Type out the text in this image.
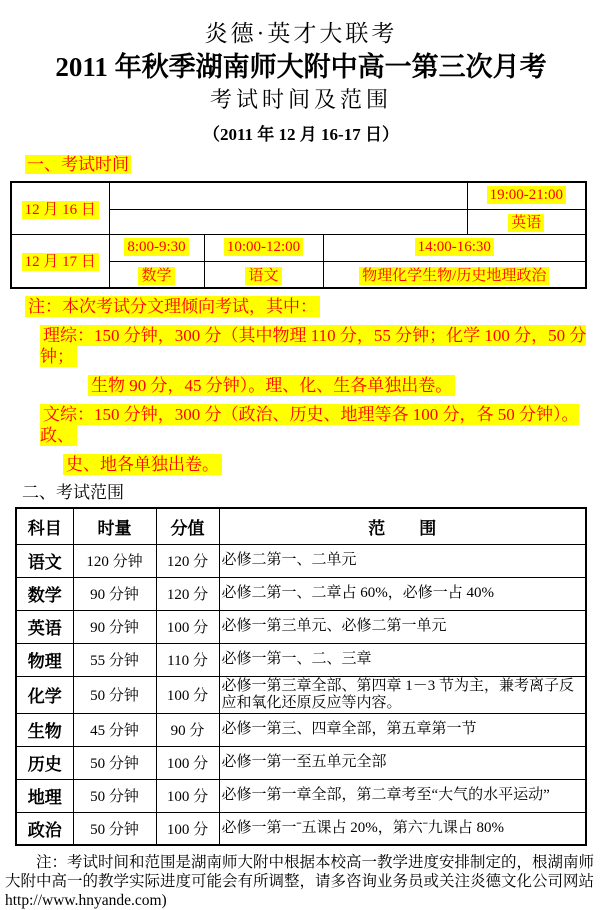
炎德·英才大联考
2011 年秋季湖南师大附中高一第三次月考
考试时间及范围
（2011 年 12 月 16-17 日）
一、考试时间
12 月 16 日				19:00-21:00
				英语
12 月 17 日	8:00-9:30	10:00-12:00	14:00-16:30	
	数学	语文	物理化学生物/历史地理政治	
注：本次考试分文理倾向考试，其中：
理综：150 分钟，300 分（其中物理 110 分，55 分钟；化学 100 分，50 分钟；
生物 90 分，45 分钟）。理、化、生各单独出卷。
文综：150 分钟，300 分（政治、历史、地理等各 100 分，各 50 分钟）。政、
史、地各单独出卷。
二、考试范围
科目	时量	分值	范　　围
语文	120 分钟	120 分	必修二第一、二单元
数学	90 分钟	120 分	必修二第一、二章占 60%，必修一占 40%
英语	90 分钟	100 分	必修一第三单元、必修二第一单元
物理	55 分钟	110 分	必修一第一、二、三章
化学	50 分钟	100 分	必修一第三章全部、第四章 1－3 节为主，兼考离子反应和氧化还原反应等内容。
生物	45 分钟	90 分	必修一第三、四章全部，第五章第一节
历史	50 分钟	100 分	必修一第一至五单元全部
地理	50 分钟	100 分	必修一第一章全部，第二章考至“大气的水平运动”
政治	50 分钟	100 分	必修一第一ˉ五课占 20%，第六ˉ九课占 80%
注：考试时间和范围是湖南师大附中根据本校高一教学进度安排制定的，根湖南师
大附中高一的教学实际进度可能会有所调整，请多咨询业务员或关注炎德文化公司网站
http://www.hnyande.com)
